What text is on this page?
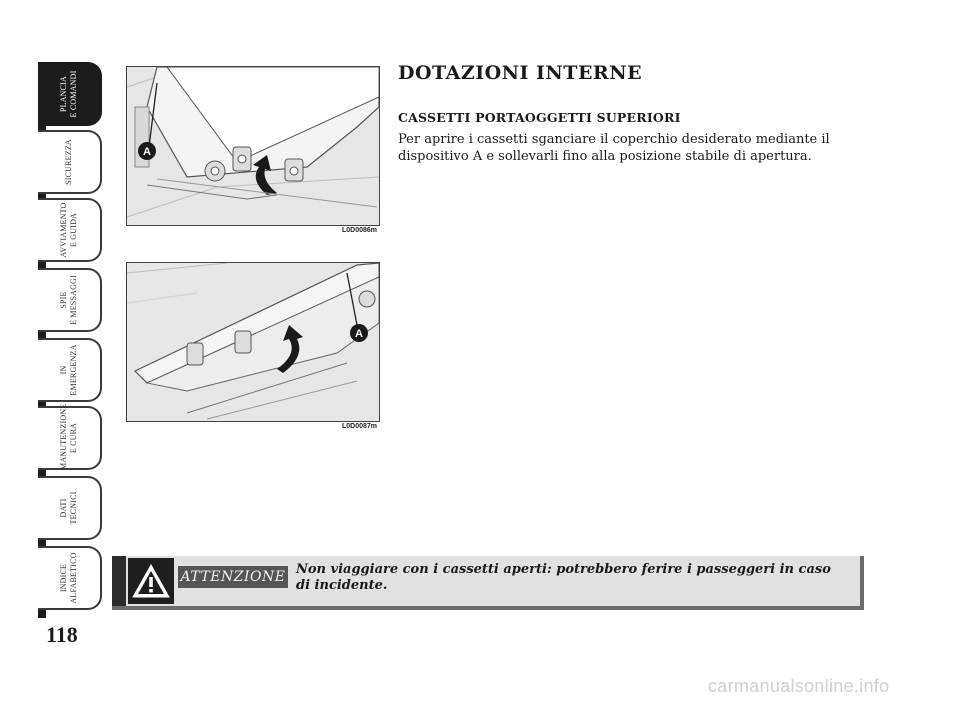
PLANCIA
E COMANDI
SICUREZZA
AVVIAMENTO
E GUIDA
SPIE
E MESSAGGI
IN
EMERGENZA
MANUTENZIONE
E CURA
DATI
TECNICI
INDICE
ALFABETICO
118
A
L0D0086m
A
L0D0087m
DOTAZIONI INTERNE
CASSETTI PORTAOGGETTI SUPERIORI
Per aprire i cassetti sganciare il coperchio desiderato mediante il dispositivo A e sollevarli fino alla posizione stabile di apertura.
ATTENZIONE Non viaggiare con i cassetti aperti: potrebbero ferire i passeggeri in caso di incidente.
carmanualsonline.info
